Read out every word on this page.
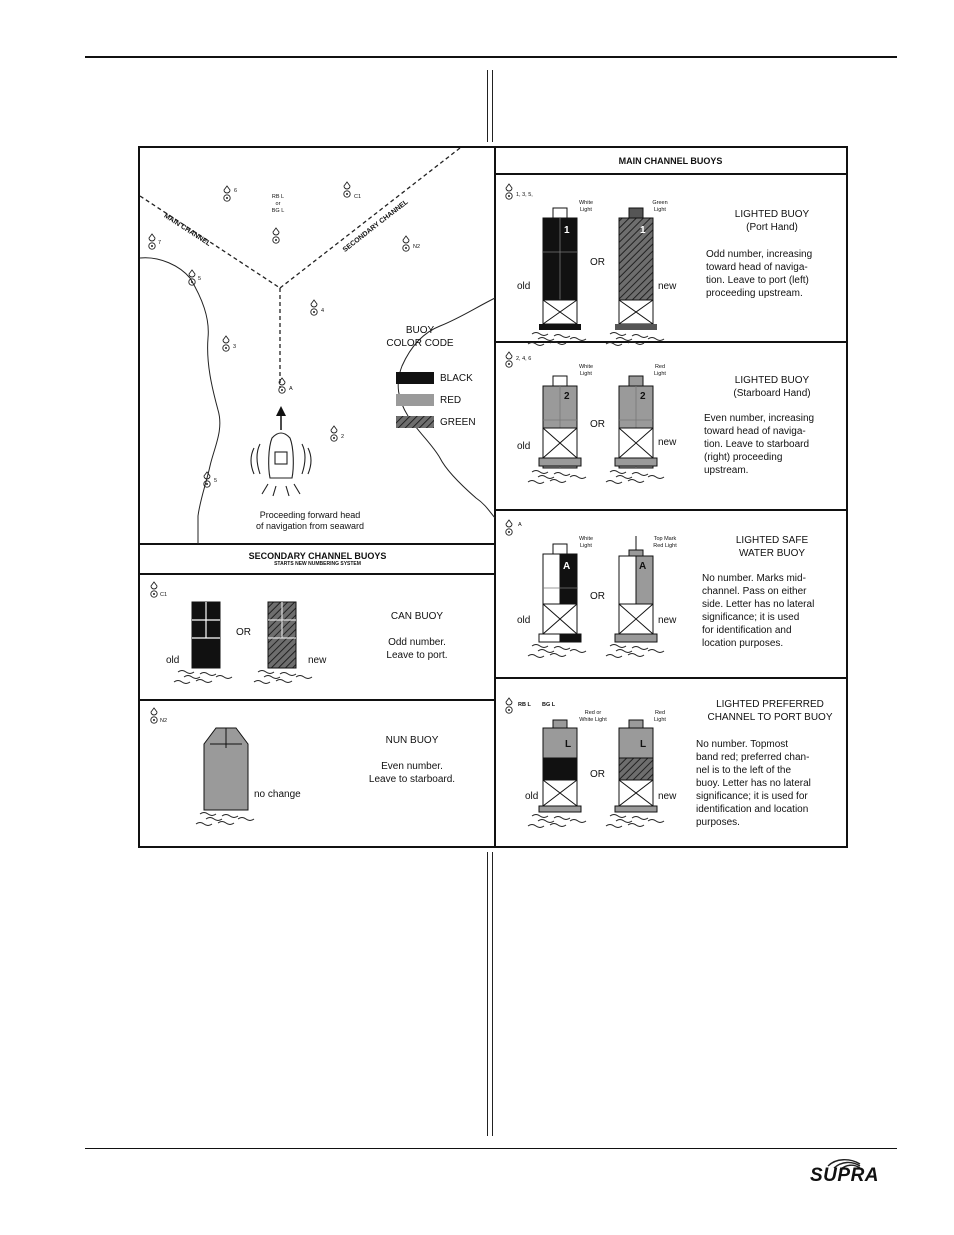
MAIN CHANNEL	SECONDARY CHANNEL
6
RB L
or
BG L
C1
7
N2
5
4
3
A
2
5
BUOY
COLOR CODE
BLACK
RED
GREEN
Proceeding forward head
of navigation from seaward
SECONDARY CHANNEL BUOYS
STARTS NEW NUMBERING SYSTEM
C1
old
OR
new
CAN BUOY
Odd number.
Leave to port.
N2
no change
NUN BUOY
Even number.
Leave to starboard.
MAIN CHANNEL BUOYS
1, 3, 5,
White
Light
Green
Light
1	1
old
OR
new
LIGHTED BUOY
(Port Hand)
Odd number, increasing
toward head of naviga-
tion. Leave to port (left)
proceeding upstream.
2, 4, 6
White
Light
Red
Light
2	2
old
OR
new
LIGHTED BUOY
(Starboard Hand)
Even number, increasing
toward head of naviga-
tion. Leave to starboard
(right) proceeding
upstream.
A
White
Light
Top Mark
Red Light
A	A
old
OR
new
LIGHTED SAFE
WATER BUOY
No number. Marks mid-
channel. Pass on either
side. Letter has no lateral
significance; it is used
for identification and
location purposes.
RB L BG L
Red or
White Light
Red
Light
L	L
old
OR
new
LIGHTED PREFERRED
CHANNEL TO PORT BUOY
No number. Topmost
band red; preferred chan-
nel is to the left of the
buoy. Letter has no lateral
significance; it is used for
identification and location
purposes.
SUPRA
